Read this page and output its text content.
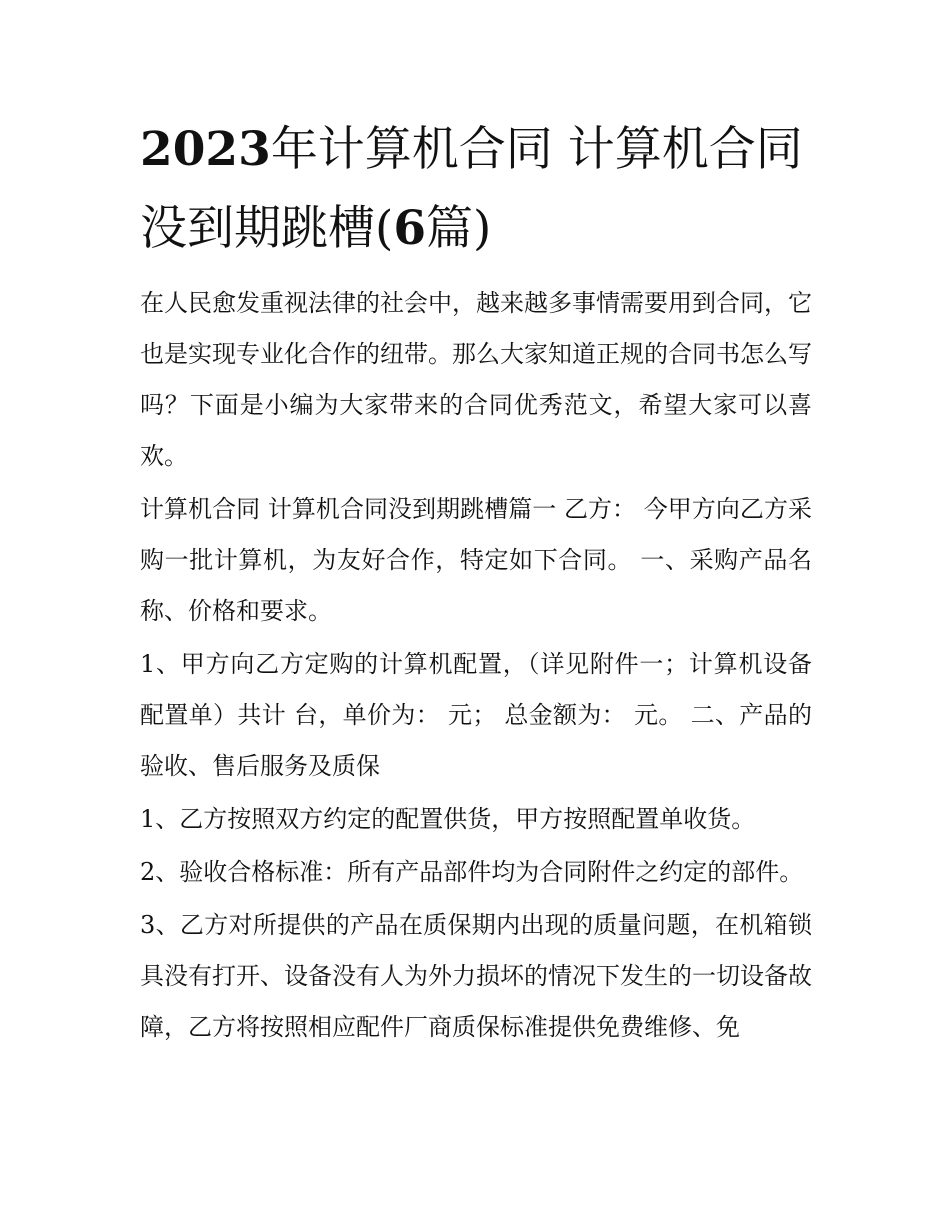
2023年计算机合同 计算机合同没到期跳槽(6篇)

在人民愈发重视法律的社会中，越来越多事情需要用到合同，它也是实现专业化合作的纽带。那么大家知道正规的合同书怎么写吗？下面是小编为大家带来的合同优秀范文，希望大家可以喜欢。

计算机合同 计算机合同没到期跳槽篇一 乙方： 今甲方向乙方采购一批计算机，为友好合作，特定如下合同。 一、采购产品名称、价格和要求。

1、甲方向乙方定购的计算机配置，（详见附件一；计算机设备配置单）共计 台，单价为： 元； 总金额为： 元。 二、产品的验收、售后服务及质保

1、乙方按照双方约定的配置供货，甲方按照配置单收货。

2、验收合格标准：所有产品部件均为合同附件之约定的部件。

3、乙方对所提供的产品在质保期内出现的质量问题，在机箱锁具没有打开、设备没有人为外力损坏的情况下发生的一切设备故障，乙方将按照相应配件厂商质保标准提供免费维修、免
